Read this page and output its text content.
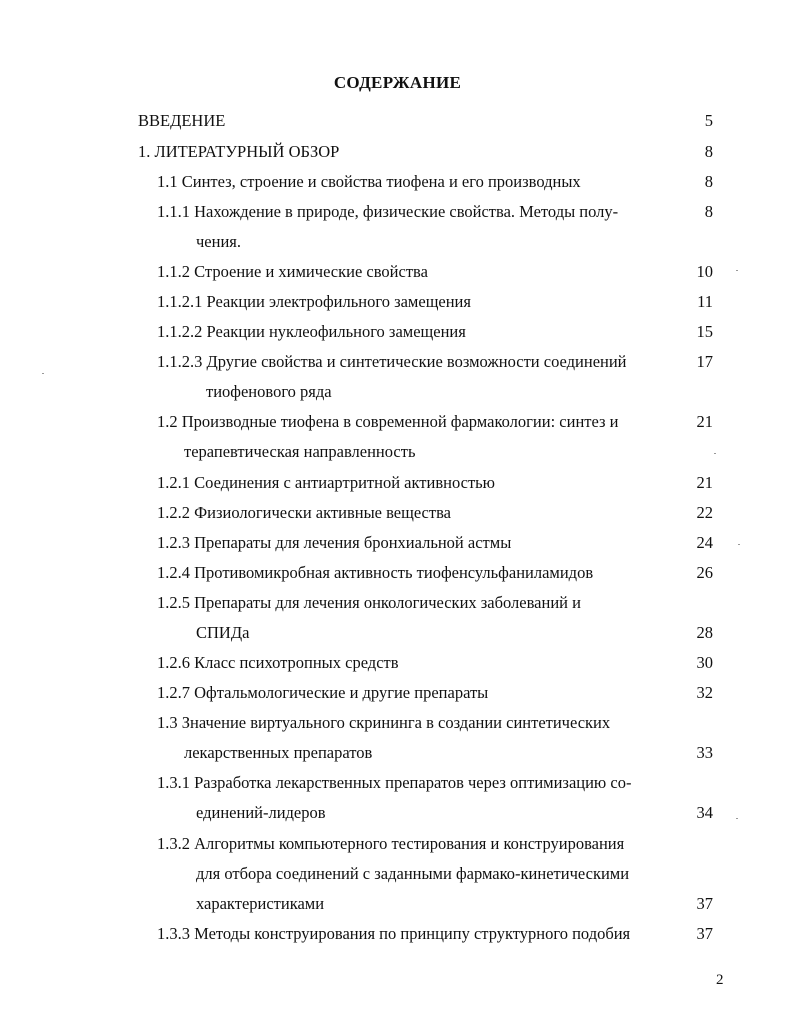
СОДЕРЖАНИЕ
ВВЕДЕНИЕ	5
1. ЛИТЕРАТУРНЫЙ ОБЗОР	8
1.1 Синтез, строение и свойства тиофена и его производных	8
1.1.1 Нахождение в природе, физические свойства. Методы полу-	8
чения.
1.1.2 Строение и химические свойства	10
1.1.2.1 Реакции электрофильного замещения	11
1.1.2.2 Реакции нуклеофильного замещения	15
1.1.2.3 Другие свойства и синтетические возможности соединений	17
тиофенового ряда
1.2 Производные тиофена в современной фармакологии: синтез и	21
терапевтическая направленность
1.2.1 Соединения с антиартритной активностью	21
1.2.2 Физиологически активные вещества	22
1.2.3 Препараты для лечения бронхиальной астмы	24
1.2.4 Противомикробная активность тиофенсульфаниламидов	26
1.2.5 Препараты для лечения онкологических заболеваний и
СПИДа	28
1.2.6 Класс психотропных средств	30
1.2.7 Офтальмологические и другие препараты	32
1.3 Значение виртуального скрининга в создании синтетических
лекарственных препаратов	33
1.3.1 Разработка лекарственных препаратов через оптимизацию со-
единений-лидеров	34
1.3.2 Алгоритмы компьютерного тестирования и конструирования
для отбора соединений с заданными фармако-кинетическими
характеристиками	37
1.3.3 Методы конструирования по принципу структурного подобия	37
2
